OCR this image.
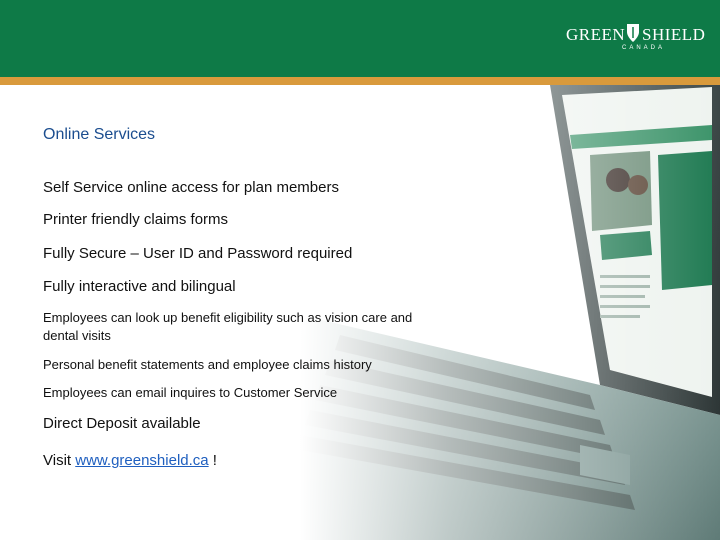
GREEN SHIELD
CANADA
Online Services
Self Service online access for plan members
Printer friendly claims forms
Fully Secure – User ID and Password required
Fully interactive and bilingual
Employees can look up benefit eligibility such as vision care and dental visits
Personal benefit statements and employee claims history
Employees can email inquires to Customer Service
Direct Deposit available
Visit www.greenshield.ca !
